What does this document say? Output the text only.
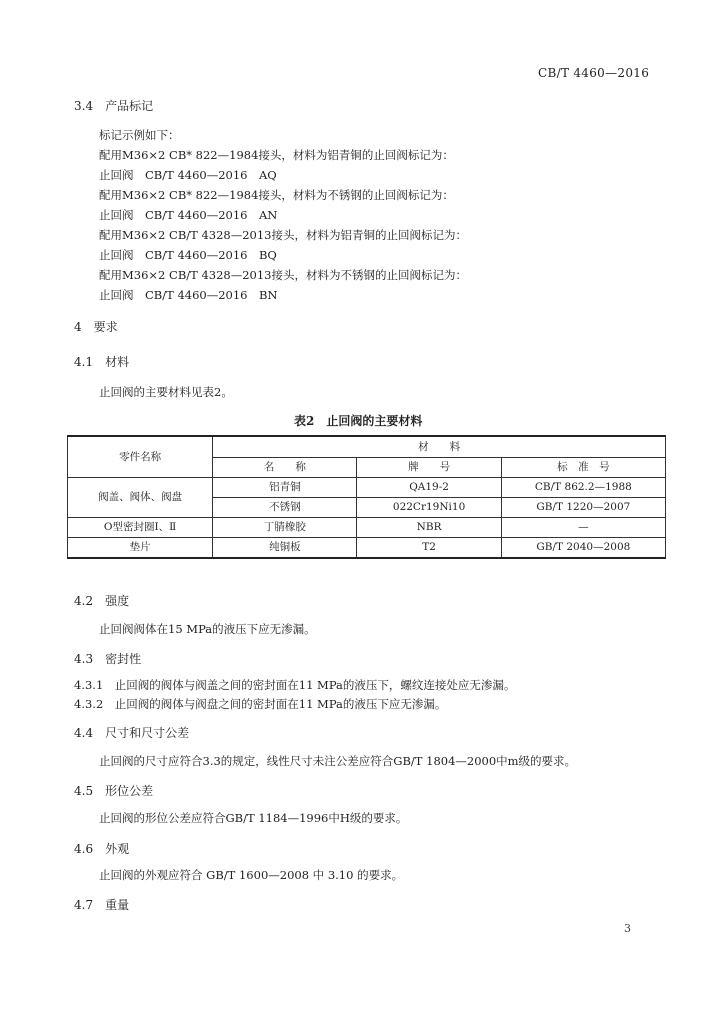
CB/T 4460—2016
3.4　产品标记
标记示例如下：
配用M36×2 CB* 822—1984接头，材料为铝青铜的止回阀标记为：
止回阀　CB/T 4460—2016　AQ
配用M36×2 CB* 822—1984接头，材料为不锈钢的止回阀标记为：
止回阀　CB/T 4460—2016　AN
配用M36×2 CB/T 4328—2013接头，材料为铝青铜的止回阀标记为：
止回阀　CB/T 4460—2016　BQ
配用M36×2 CB/T 4328—2013接头，材料为不锈钢的止回阀标记为：
止回阀　CB/T 4460—2016　BN
4　要求
4.1　材料
止回阀的主要材料见表2。
表2　止回阀的主要材料
零件名称	材　　料		
	名　　称	牌　　号	标　准　号
阀盖、阀体、阀盘	铝青铜	QA19-2	CB/T 862.2—1988
	不锈钢	022Cr19Ni10	GB/T 1220—2007
O型密封圈Ⅰ、Ⅱ	丁腈橡胶	NBR	—
垫片	纯铜板	T2	GB/T 2040—2008
4.2　强度
止回阀阀体在15 MPa的液压下应无渗漏。
4.3　密封性
4.3.1　止回阀的阀体与阀盖之间的密封面在11 MPa的液压下，螺纹连接处应无渗漏。
4.3.2　止回阀的阀体与阀盘之间的密封面在11 MPa的液压下应无渗漏。
4.4　尺寸和尺寸公差
止回阀的尺寸应符合3.3的规定，线性尺寸未注公差应符合GB/T 1804—2000中m级的要求。
4.5　形位公差
止回阀的形位公差应符合GB/T 1184—1996中H级的要求。
4.6　外观
止回阀的外观应符合 GB/T 1600—2008 中 3.10 的要求。
4.7　重量
3
